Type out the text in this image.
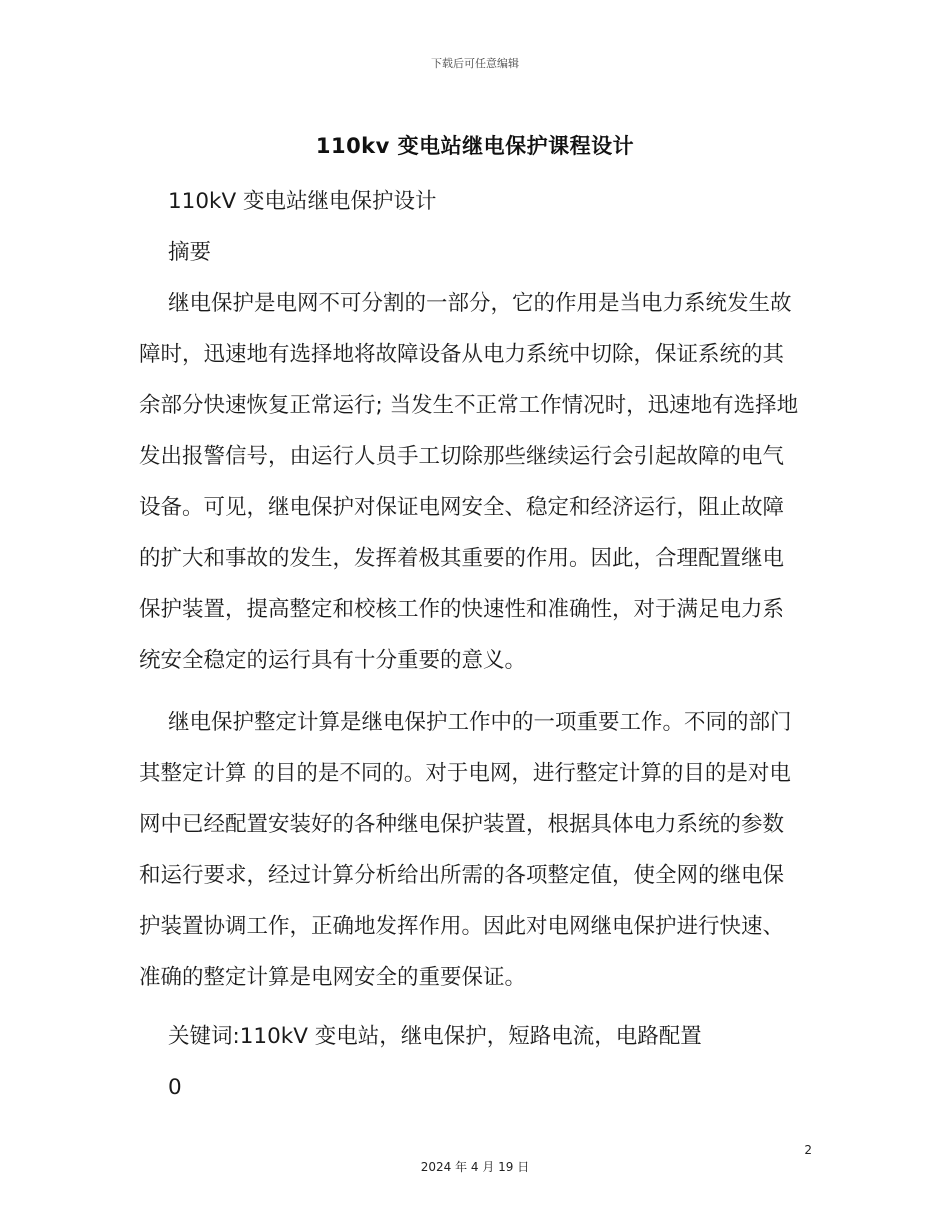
下载后可任意编辑
110kv 变电站继电保护课程设计
110kV 变电站继电保护设计
摘要
继电保护是电网不可分割的一部分，它的作用是当电力系统发生故障时，迅速地有选择地将故障设备从电力系统中切除，保证系统的其余部分快速恢复正常运行; 当发生不正常工作情况时，迅速地有选择地发出报警信号，由运行人员手工切除那些继续运行会引起故障的电气设备。可见，继电保护对保证电网安全、稳定和经济运行，阻止故障的扩大和事故的发生，发挥着极其重要的作用。因此，合理配置继电保护装置，提高整定和校核工作的快速性和准确性，对于满足电力系统安全稳定的运行具有十分重要的意义。
继电保护整定计算是继电保护工作中的一项重要工作。不同的部门其整定计算 的目的是不同的。对于电网，进行整定计算的目的是对电网中已经配置安装好的各种继电保护装置，根据具体电力系统的参数和运行要求，经过计算分析给出所需的各项整定值，使全网的继电保护装置协调工作，正确地发挥作用。因此对电网继电保护进行快速、准确的整定计算是电网安全的重要保证。
关键词:110kV 变电站，继电保护，短路电流，电路配置
0
2
2024 年 4 月 19 日
